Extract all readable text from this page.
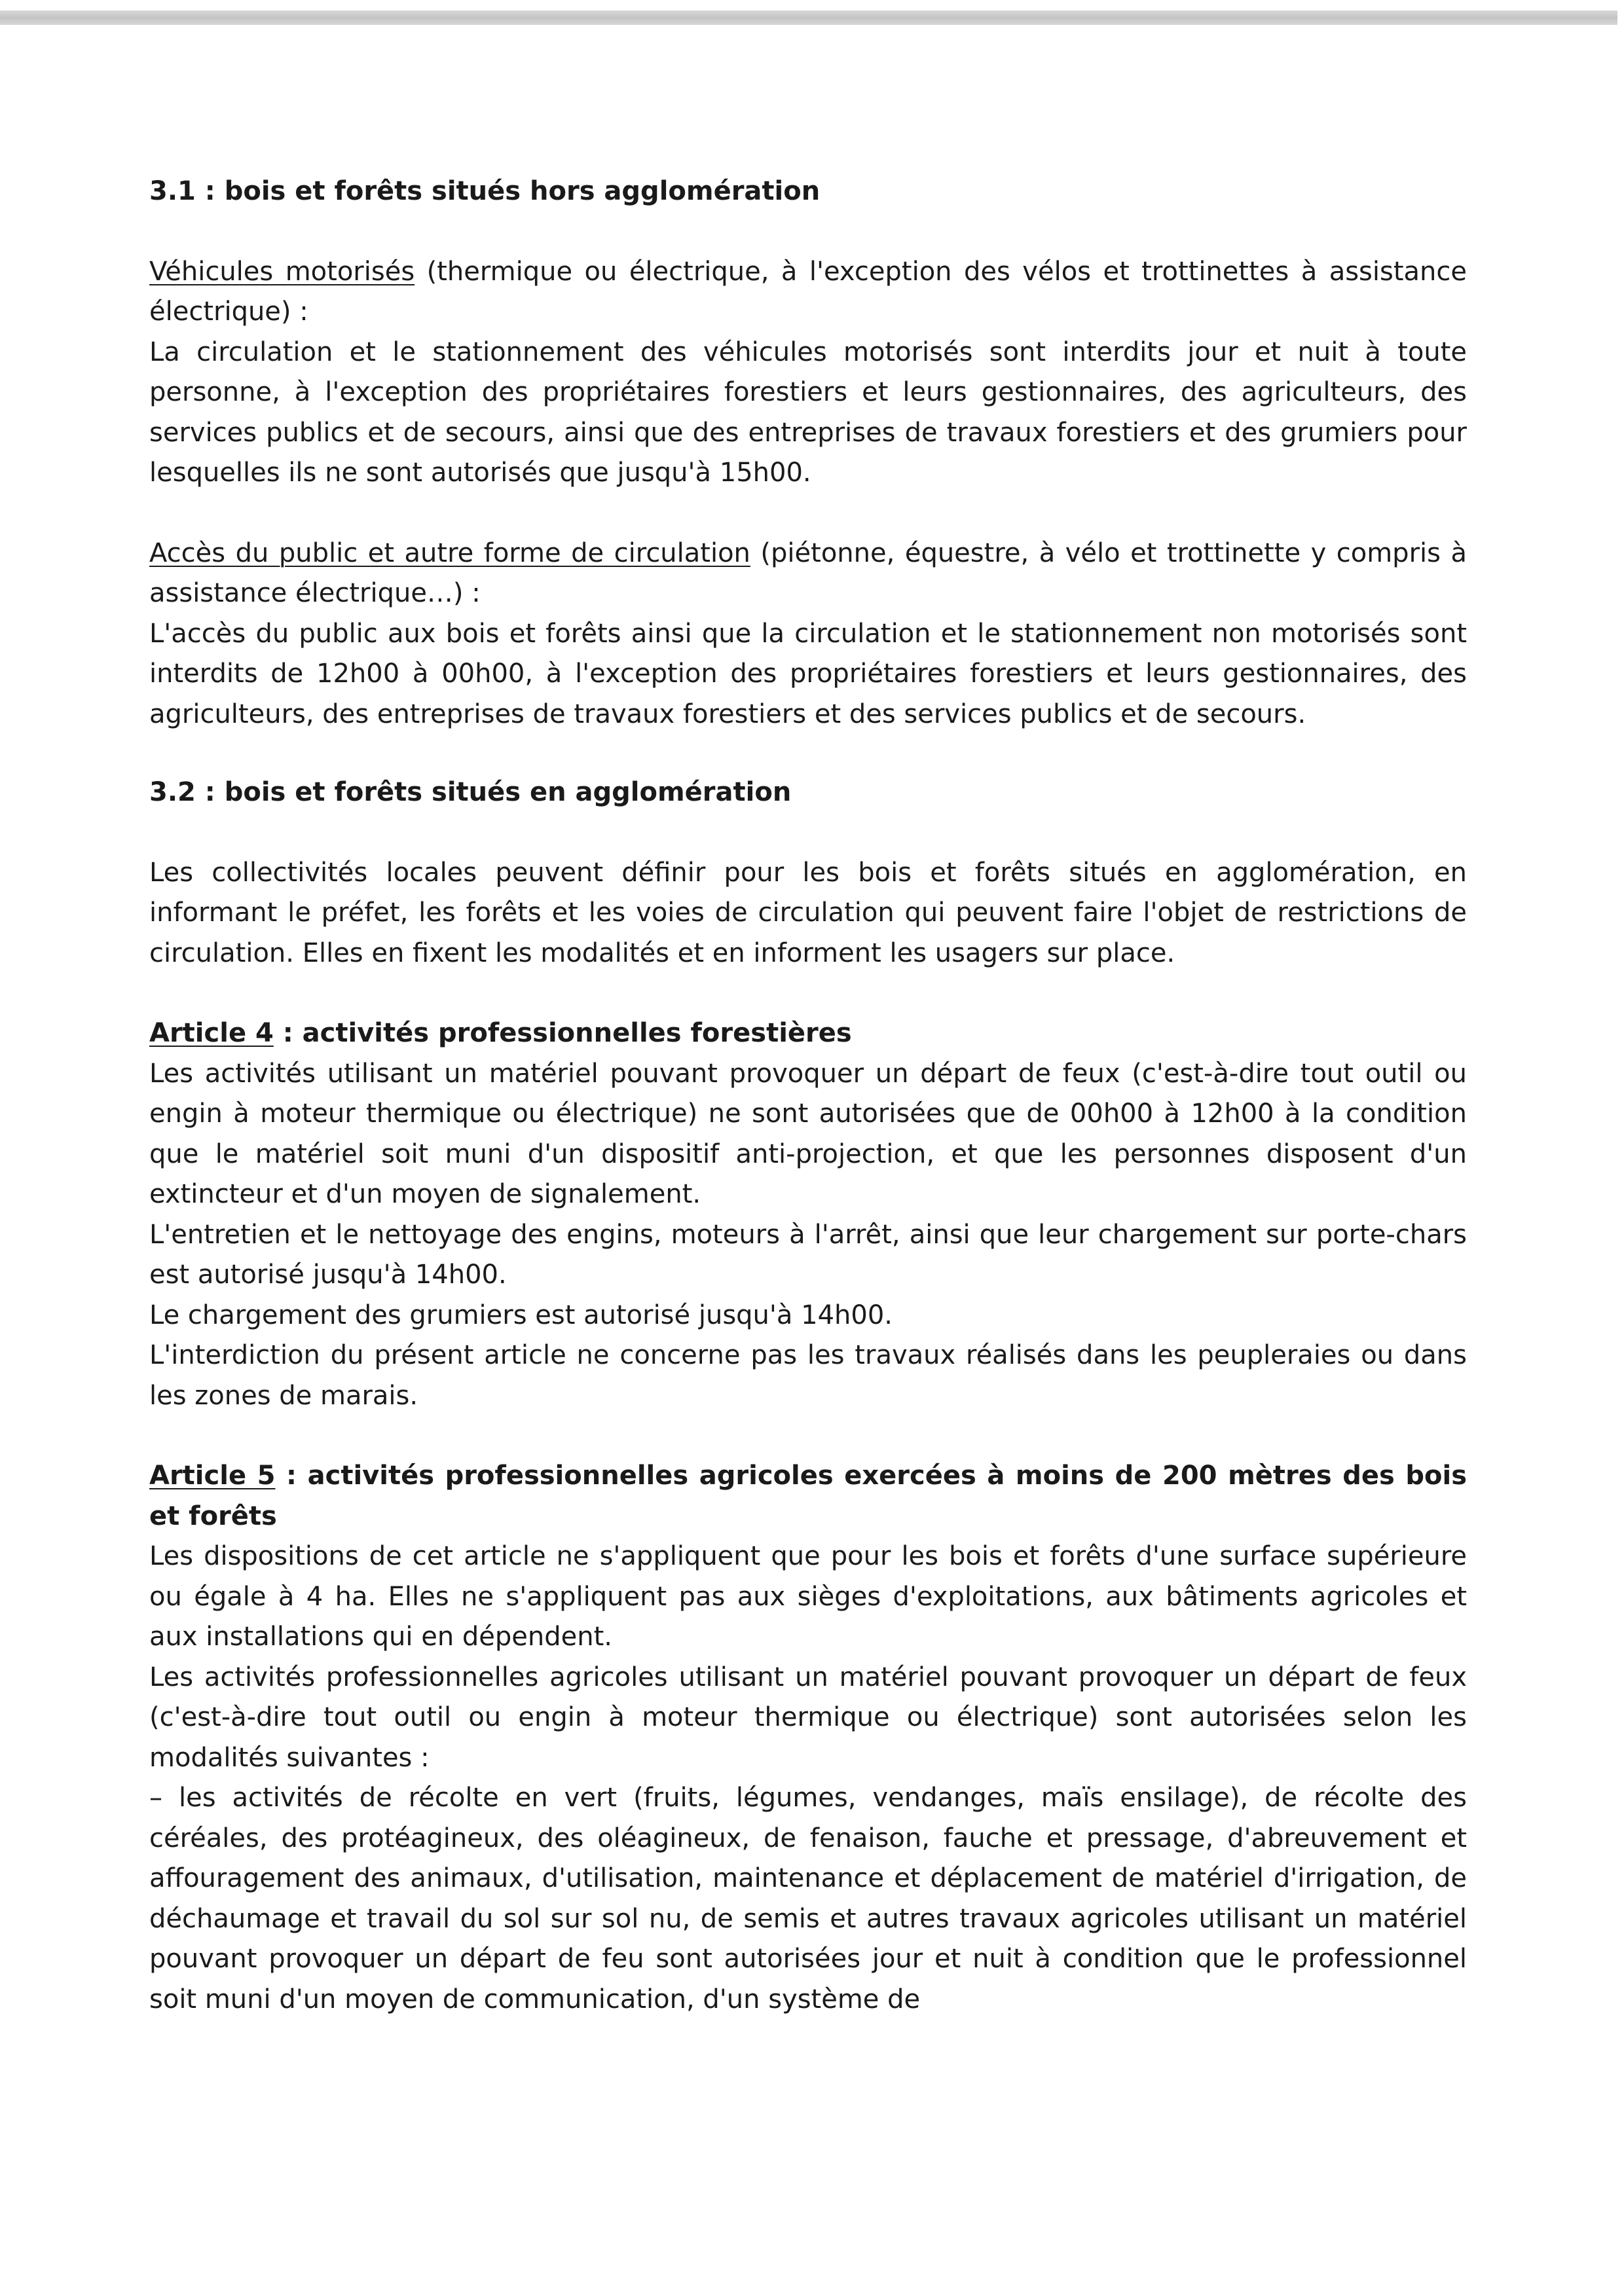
3.1 : bois et forêts situés hors agglomération

Véhicules motorisés (thermique ou électrique, à l'exception des vélos et trottinettes à assistance électrique) :

La circulation et le stationnement des véhicules motorisés sont interdits jour et nuit à toute personne, à l'exception des propriétaires forestiers et leurs gestionnaires, des agriculteurs, des services publics et de secours, ainsi que des entreprises de travaux forestiers et des grumiers pour lesquelles ils ne sont autorisés que jusqu'à 15h00.

Accès du public et autre forme de circulation (piétonne, équestre, à vélo et trottinette y compris à assistance électrique…) :

L'accès du public aux bois et forêts ainsi que la circulation et le stationnement non motorisés sont interdits de 12h00 à 00h00, à l'exception des propriétaires forestiers et leurs gestionnaires, des agriculteurs, des entreprises de travaux forestiers et des services publics et de secours.

3.2 : bois et forêts situés en agglomération

Les collectivités locales peuvent définir pour les bois et forêts situés en agglomération, en informant le préfet, les forêts et les voies de circulation qui peuvent faire l'objet de restrictions de circulation. Elles en fixent les modalités et en informent les usagers sur place.

Article 4 : activités professionnelles forestières

Les activités utilisant un matériel pouvant provoquer un départ de feux (c'est-à-dire tout outil ou engin à moteur thermique ou électrique) ne sont autorisées que de 00h00 à 12h00 à la condition que le matériel soit muni d'un dispositif anti-projection, et que les personnes disposent d'un extincteur et d'un moyen de signalement.

L'entretien et le nettoyage des engins, moteurs à l'arrêt, ainsi que leur chargement sur porte-chars est autorisé jusqu'à 14h00.

Le chargement des grumiers est autorisé jusqu'à 14h00.

L'interdiction du présent article ne concerne pas les travaux réalisés dans les peupleraies ou dans les zones de marais.

Article 5 : activités professionnelles agricoles exercées à moins de 200 mètres des bois et forêts

Les dispositions de cet article ne s'appliquent que pour les bois et forêts d'une surface supérieure ou égale à 4 ha. Elles ne s'appliquent pas aux sièges d'exploitations, aux bâtiments agricoles et aux installations qui en dépendent.

Les activités professionnelles agricoles utilisant un matériel pouvant provoquer un départ de feux (c'est-à-dire tout outil ou engin à moteur thermique ou électrique) sont autorisées selon les modalités suivantes :

– les activités de récolte en vert (fruits, légumes, vendanges, maïs ensilage), de récolte des céréales, des protéagineux, des oléagineux, de fenaison, fauche et pressage, d'abreuvement et affouragement des animaux, d'utilisation, maintenance et déplacement de matériel d'irrigation, de déchaumage et travail du sol sur sol nu, de semis et autres travaux agricoles utilisant un matériel pouvant provoquer un départ de feu sont autorisées jour et nuit à condition que le professionnel soit muni d'un moyen de communication, d'un système de
